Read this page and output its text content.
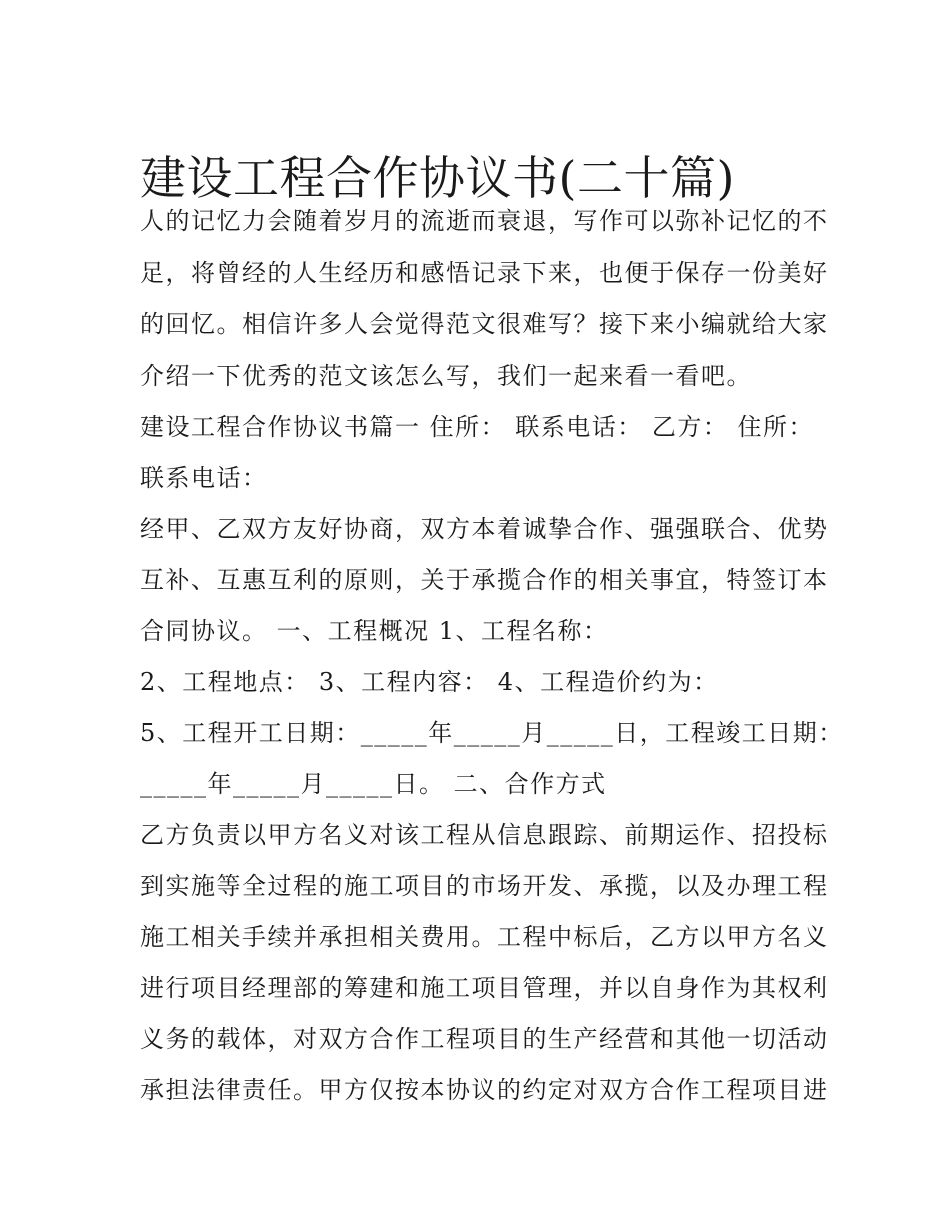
建设工程合作协议书(二十篇)
人的记忆力会随着岁月的流逝而衰退，写作可以弥补记忆的不
足，将曾经的人生经历和感悟记录下来，也便于保存一份美好
的回忆。相信许多人会觉得范文很难写？接下来小编就给大家
介绍一下优秀的范文该怎么写，我们一起来看一看吧。
建设工程合作协议书篇一 住所： 联系电话： 乙方： 住所：
联系电话：
经甲、乙双方友好协商，双方本着诚挚合作、强强联合、优势
互补、互惠互利的原则，关于承揽合作的相关事宜，特签订本
合同协议。 一、工程概况 1、工程名称：
2、工程地点： 3、工程内容： 4、工程造价约为：
5、工程开工日期：_____年_____月_____日，工程竣工日期：
_____年_____月_____日。 二、合作方式
乙方负责以甲方名义对该工程从信息跟踪、前期运作、招投标
到实施等全过程的施工项目的市场开发、承揽，以及办理工程
施工相关手续并承担相关费用。工程中标后，乙方以甲方名义
进行项目经理部的筹建和施工项目管理，并以自身作为其权利
义务的载体，对双方合作工程项目的生产经营和其他一切活动
承担法律责任。甲方仅按本协议的约定对双方合作工程项目进
